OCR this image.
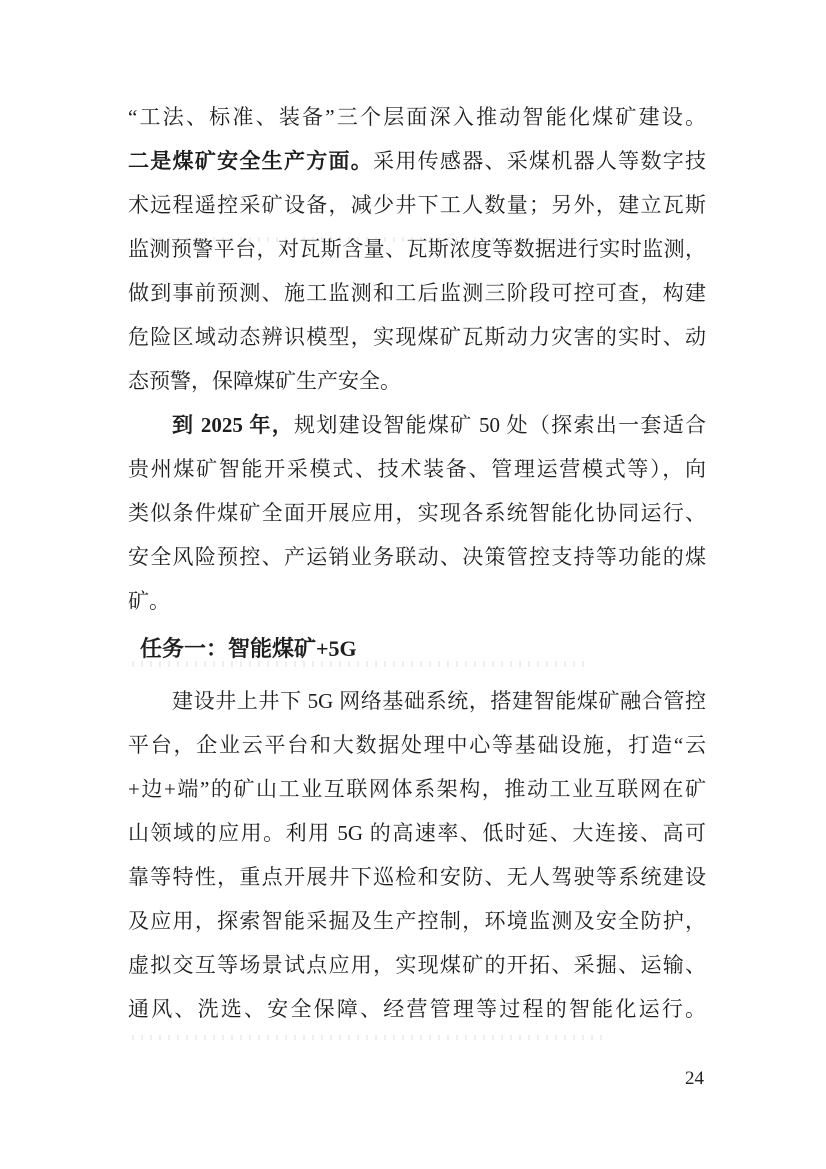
“工法、标准、装备”三个层面深入推动智能化煤矿建设。
二是煤矿安全生产方面。采用传感器、采煤机器人等数字技
术远程遥控采矿设备，减少井下工人数量；另外，建立瓦斯
监测预警平台，对瓦斯含量、瓦斯浓度等数据进行实时监测，
做到事前预测、施工监测和工后监测三阶段可控可查，构建
危险区域动态辨识模型，实现煤矿瓦斯动力灾害的实时、动
态预警，保障煤矿生产安全。
到 2025 年，规划建设智能煤矿 50 处（探索出一套适合
贵州煤矿智能开采模式、技术装备、管理运营模式等），向
类似条件煤矿全面开展应用，实现各系统智能化协同运行、
安全风险预控、产运销业务联动、决策管控支持等功能的煤
矿。
任务一：智能煤矿+5G
建设井上井下 5G 网络基础系统，搭建智能煤矿融合管控
平台，企业云平台和大数据处理中心等基础设施，打造“云
+边+端”的矿山工业互联网体系架构，推动工业互联网在矿
山领域的应用。利用 5G 的高速率、低时延、大连接、高可
靠等特性，重点开展井下巡检和安防、无人驾驶等系统建设
及应用，探索智能采掘及生产控制，环境监测及安全防护，
虚拟交互等场景试点应用，实现煤矿的开拓、采掘、运输、
通风、洗选、安全保障、经营管理等过程的智能化运行。
24
